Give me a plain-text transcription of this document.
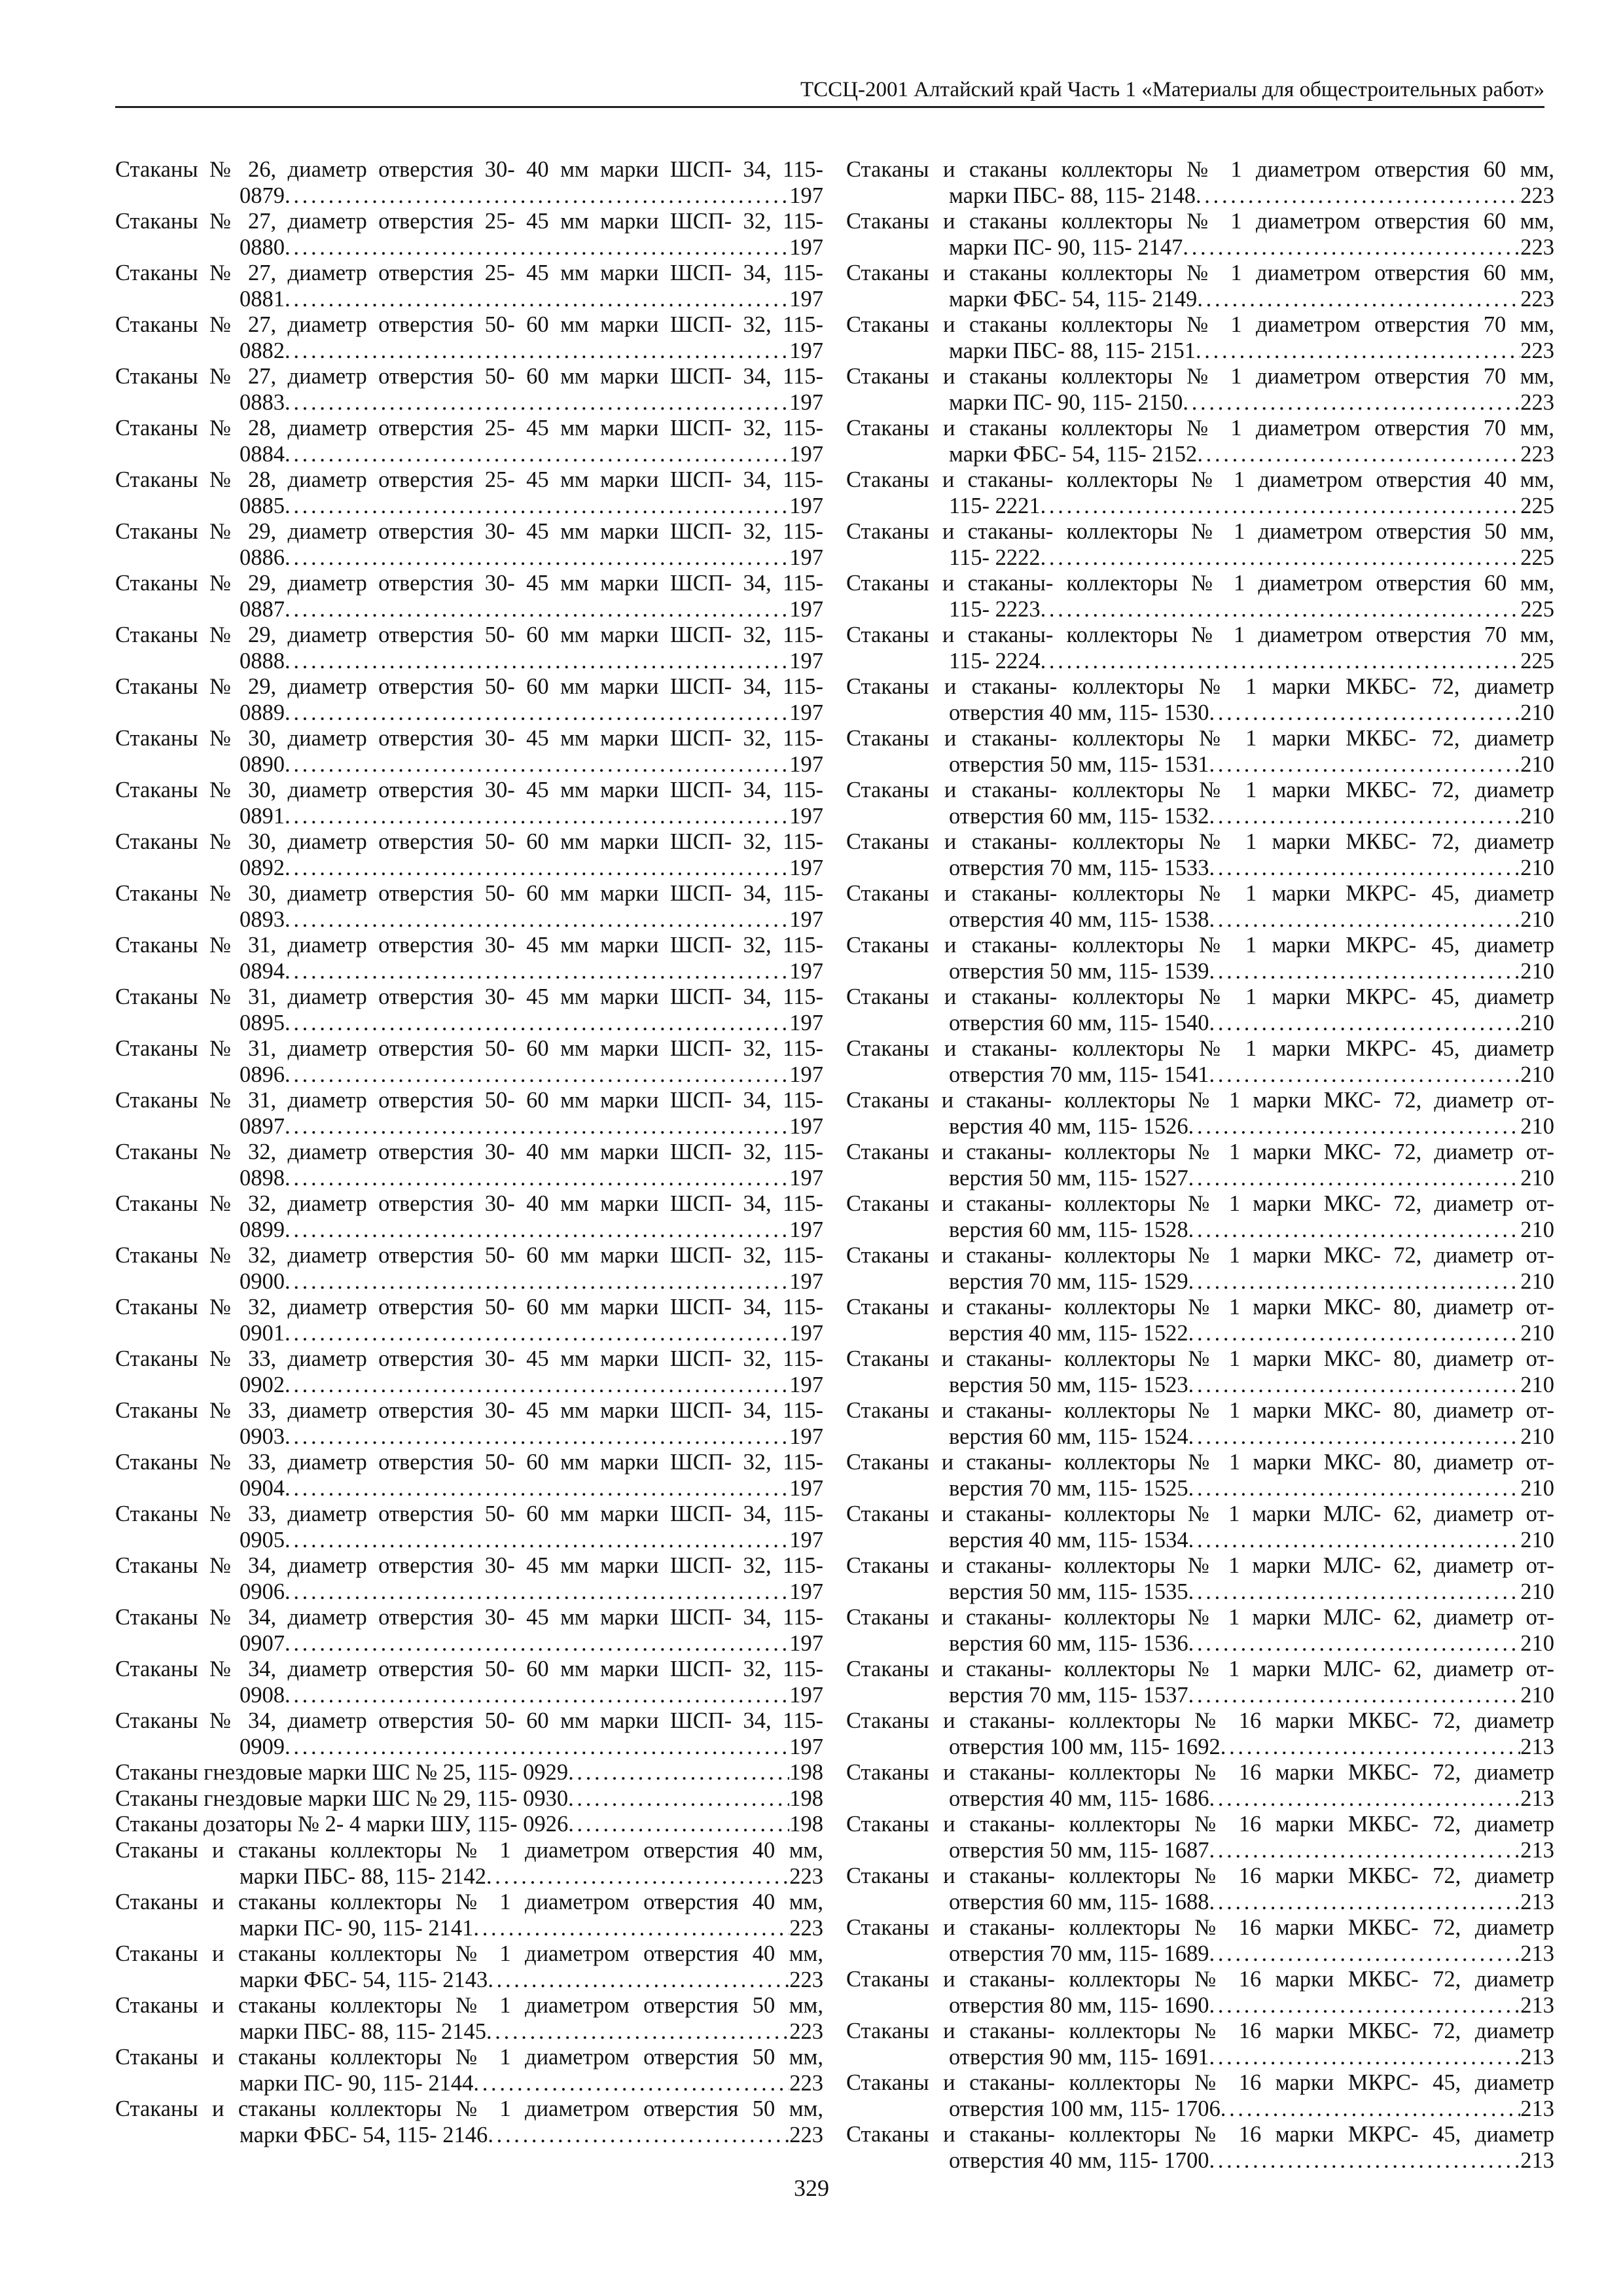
ТССЦ-2001 Алтайский край Часть 1 «Материалы для общестроительных работ»
Стаканы № 26, диаметр отверстия 30- 40 мм марки ШСП- 34, 115-
0879 .....	197
Стаканы № 27, диаметр отверстия 25- 45 мм марки ШСП- 32, 115-
0880 .....	197
Стаканы № 27, диаметр отверстия 25- 45 мм марки ШСП- 34, 115-
0881 .....	197
Стаканы № 27, диаметр отверстия 50- 60 мм марки ШСП- 32, 115-
0882 .....	197
Стаканы № 27, диаметр отверстия 50- 60 мм марки ШСП- 34, 115-
0883 .....	197
Стаканы № 28, диаметр отверстия 25- 45 мм марки ШСП- 32, 115-
0884 .....	197
Стаканы № 28, диаметр отверстия 25- 45 мм марки ШСП- 34, 115-
0885 .....	197
Стаканы № 29, диаметр отверстия 30- 45 мм марки ШСП- 32, 115-
0886 .....	197
Стаканы № 29, диаметр отверстия 30- 45 мм марки ШСП- 34, 115-
0887 .....	197
Стаканы № 29, диаметр отверстия 50- 60 мм марки ШСП- 32, 115-
0888 .....	197
Стаканы № 29, диаметр отверстия 50- 60 мм марки ШСП- 34, 115-
0889 .....	197
Стаканы № 30, диаметр отверстия 30- 45 мм марки ШСП- 32, 115-
0890 .....	197
Стаканы № 30, диаметр отверстия 30- 45 мм марки ШСП- 34, 115-
0891 .....	197
Стаканы № 30, диаметр отверстия 50- 60 мм марки ШСП- 32, 115-
0892 .....	197
Стаканы № 30, диаметр отверстия 50- 60 мм марки ШСП- 34, 115-
0893 .....	197
Стаканы № 31, диаметр отверстия 30- 45 мм марки ШСП- 32, 115-
0894 .....	197
Стаканы № 31, диаметр отверстия 30- 45 мм марки ШСП- 34, 115-
0895 .....	197
Стаканы № 31, диаметр отверстия 50- 60 мм марки ШСП- 32, 115-
0896 .....	197
Стаканы № 31, диаметр отверстия 50- 60 мм марки ШСП- 34, 115-
0897 .....	197
Стаканы № 32, диаметр отверстия 30- 40 мм марки ШСП- 32, 115-
0898 .....	197
Стаканы № 32, диаметр отверстия 30- 40 мм марки ШСП- 34, 115-
0899 .....	197
Стаканы № 32, диаметр отверстия 50- 60 мм марки ШСП- 32, 115-
0900 .....	197
Стаканы № 32, диаметр отверстия 50- 60 мм марки ШСП- 34, 115-
0901 .....	197
Стаканы № 33, диаметр отверстия 30- 45 мм марки ШСП- 32, 115-
0902 .....	197
Стаканы № 33, диаметр отверстия 30- 45 мм марки ШСП- 34, 115-
0903 .....	197
Стаканы № 33, диаметр отверстия 50- 60 мм марки ШСП- 32, 115-
0904 .....	197
Стаканы № 33, диаметр отверстия 50- 60 мм марки ШСП- 34, 115-
0905 .....	197
Стаканы № 34, диаметр отверстия 30- 45 мм марки ШСП- 32, 115-
0906 .....	197
Стаканы № 34, диаметр отверстия 30- 45 мм марки ШСП- 34, 115-
0907 .....	197
Стаканы № 34, диаметр отверстия 50- 60 мм марки ШСП- 32, 115-
0908 .....	197
Стаканы № 34, диаметр отверстия 50- 60 мм марки ШСП- 34, 115-
0909 .....	197
Стаканы гнездовые марки ШС № 25, 115- 0929 .....	198
Стаканы гнездовые марки ШС № 29, 115- 0930 .....	198
Стаканы дозаторы № 2- 4 марки ШУ, 115- 0926 .....	198
Стаканы и стаканы коллекторы № 1 диаметром отверстия 40 мм,
марки ПБС- 88, 115- 2142 .....	223
Стаканы и стаканы коллекторы № 1 диаметром отверстия 40 мм,
марки ПС- 90, 115- 2141 .....	223
Стаканы и стаканы коллекторы № 1 диаметром отверстия 40 мм,
марки ФБС- 54, 115- 2143 .....	223
Стаканы и стаканы коллекторы № 1 диаметром отверстия 50 мм,
марки ПБС- 88, 115- 2145 .....	223
Стаканы и стаканы коллекторы № 1 диаметром отверстия 50 мм,
марки ПС- 90, 115- 2144 .....	223
Стаканы и стаканы коллекторы № 1 диаметром отверстия 50 мм,
марки ФБС- 54, 115- 2146 .....	223
Стаканы и стаканы коллекторы № 1 диаметром отверстия 60 мм,
марки ПБС- 88, 115- 2148 .....	223
Стаканы и стаканы коллекторы № 1 диаметром отверстия 60 мм,
марки ПС- 90, 115- 2147 .....	223
Стаканы и стаканы коллекторы № 1 диаметром отверстия 60 мм,
марки ФБС- 54, 115- 2149 .....	223
Стаканы и стаканы коллекторы № 1 диаметром отверстия 70 мм,
марки ПБС- 88, 115- 2151 .....	223
Стаканы и стаканы коллекторы № 1 диаметром отверстия 70 мм,
марки ПС- 90, 115- 2150 .....	223
Стаканы и стаканы коллекторы № 1 диаметром отверстия 70 мм,
марки ФБС- 54, 115- 2152 .....	223
Стаканы и стаканы- коллекторы № 1 диаметром отверстия 40 мм,
115- 2221 .....	225
Стаканы и стаканы- коллекторы № 1 диаметром отверстия 50 мм,
115- 2222 .....	225
Стаканы и стаканы- коллекторы № 1 диаметром отверстия 60 мм,
115- 2223 .....	225
Стаканы и стаканы- коллекторы № 1 диаметром отверстия 70 мм,
115- 2224 .....	225
Стаканы и стаканы- коллекторы № 1 марки МКБС- 72, диаметр
отверстия 40 мм, 115- 1530 .....	210
Стаканы и стаканы- коллекторы № 1 марки МКБС- 72, диаметр
отверстия 50 мм, 115- 1531 .....	210
Стаканы и стаканы- коллекторы № 1 марки МКБС- 72, диаметр
отверстия 60 мм, 115- 1532 .....	210
Стаканы и стаканы- коллекторы № 1 марки МКБС- 72, диаметр
отверстия 70 мм, 115- 1533 .....	210
Стаканы и стаканы- коллекторы № 1 марки МКРС- 45, диаметр
отверстия 40 мм, 115- 1538 .....	210
Стаканы и стаканы- коллекторы № 1 марки МКРС- 45, диаметр
отверстия 50 мм, 115- 1539 .....	210
Стаканы и стаканы- коллекторы № 1 марки МКРС- 45, диаметр
отверстия 60 мм, 115- 1540 .....	210
Стаканы и стаканы- коллекторы № 1 марки МКРС- 45, диаметр
отверстия 70 мм, 115- 1541 .....	210
Стаканы и стаканы- коллекторы № 1 марки МКС- 72, диаметр от-
верстия 40 мм, 115- 1526 .....	210
Стаканы и стаканы- коллекторы № 1 марки МКС- 72, диаметр от-
верстия 50 мм, 115- 1527 .....	210
Стаканы и стаканы- коллекторы № 1 марки МКС- 72, диаметр от-
верстия 60 мм, 115- 1528 .....	210
Стаканы и стаканы- коллекторы № 1 марки МКС- 72, диаметр от-
верстия 70 мм, 115- 1529 .....	210
Стаканы и стаканы- коллекторы № 1 марки МКС- 80, диаметр от-
верстия 40 мм, 115- 1522 .....	210
Стаканы и стаканы- коллекторы № 1 марки МКС- 80, диаметр от-
верстия 50 мм, 115- 1523 .....	210
Стаканы и стаканы- коллекторы № 1 марки МКС- 80, диаметр от-
верстия 60 мм, 115- 1524 .....	210
Стаканы и стаканы- коллекторы № 1 марки МКС- 80, диаметр от-
верстия 70 мм, 115- 1525 .....	210
Стаканы и стаканы- коллекторы № 1 марки МЛС- 62, диаметр от-
верстия 40 мм, 115- 1534 .....	210
Стаканы и стаканы- коллекторы № 1 марки МЛС- 62, диаметр от-
верстия 50 мм, 115- 1535 .....	210
Стаканы и стаканы- коллекторы № 1 марки МЛС- 62, диаметр от-
верстия 60 мм, 115- 1536 .....	210
Стаканы и стаканы- коллекторы № 1 марки МЛС- 62, диаметр от-
верстия 70 мм, 115- 1537 .....	210
Стаканы и стаканы- коллекторы № 16 марки МКБС- 72, диаметр
отверстия 100 мм, 115- 1692 .....	213
Стаканы и стаканы- коллекторы № 16 марки МКБС- 72, диаметр
отверстия 40 мм, 115- 1686 .....	213
Стаканы и стаканы- коллекторы № 16 марки МКБС- 72, диаметр
отверстия 50 мм, 115- 1687 .....	213
Стаканы и стаканы- коллекторы № 16 марки МКБС- 72, диаметр
отверстия 60 мм, 115- 1688 .....	213
Стаканы и стаканы- коллекторы № 16 марки МКБС- 72, диаметр
отверстия 70 мм, 115- 1689 .....	213
Стаканы и стаканы- коллекторы № 16 марки МКБС- 72, диаметр
отверстия 80 мм, 115- 1690 .....	213
Стаканы и стаканы- коллекторы № 16 марки МКБС- 72, диаметр
отверстия 90 мм, 115- 1691 .....	213
Стаканы и стаканы- коллекторы № 16 марки МКРС- 45, диаметр
отверстия 100 мм, 115- 1706 .....	213
Стаканы и стаканы- коллекторы № 16 марки МКРС- 45, диаметр
отверстия 40 мм, 115- 1700 .....	213
329
